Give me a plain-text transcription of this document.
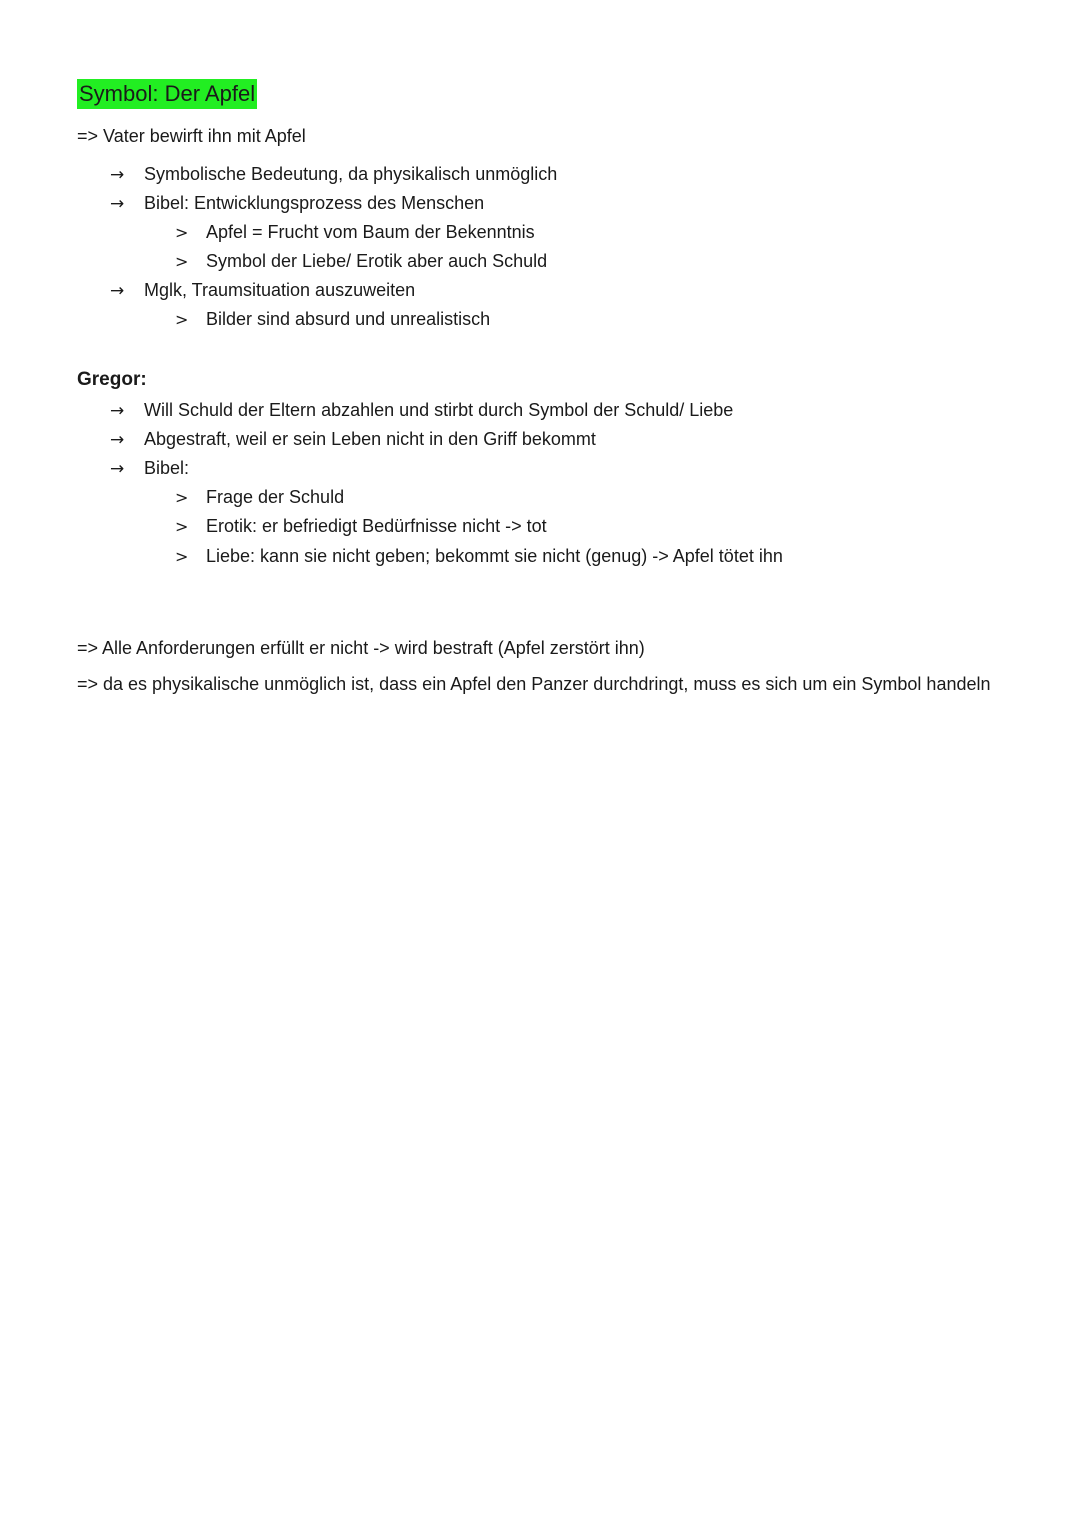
Symbol: Der Apfel
=> Vater bewirft ihn mit Apfel
→ Symbolische Bedeutung, da physikalisch unmöglich
→ Bibel: Entwicklungsprozess des Menschen
> Apfel = Frucht vom Baum der Bekenntnis
> Symbol der Liebe/ Erotik aber auch Schuld
→ Mglk, Traumsituation auszuweiten
> Bilder sind absurd und unrealistisch
Gregor:
→ Will Schuld der Eltern abzahlen und stirbt durch Symbol der Schuld/ Liebe
→ Abgestraft, weil er sein Leben nicht in den Griff bekommt
→ Bibel:
> Frage der Schuld
> Erotik: er befriedigt Bedürfnisse nicht -> tot
> Liebe: kann sie nicht geben; bekommt sie nicht (genug) -> Apfel tötet ihn
=> Alle Anforderungen erfüllt er nicht -> wird bestraft (Apfel zerstört ihn)
=> da es physikalische unmöglich ist, dass ein Apfel den Panzer durchdringt, muss es sich um ein Symbol handeln
